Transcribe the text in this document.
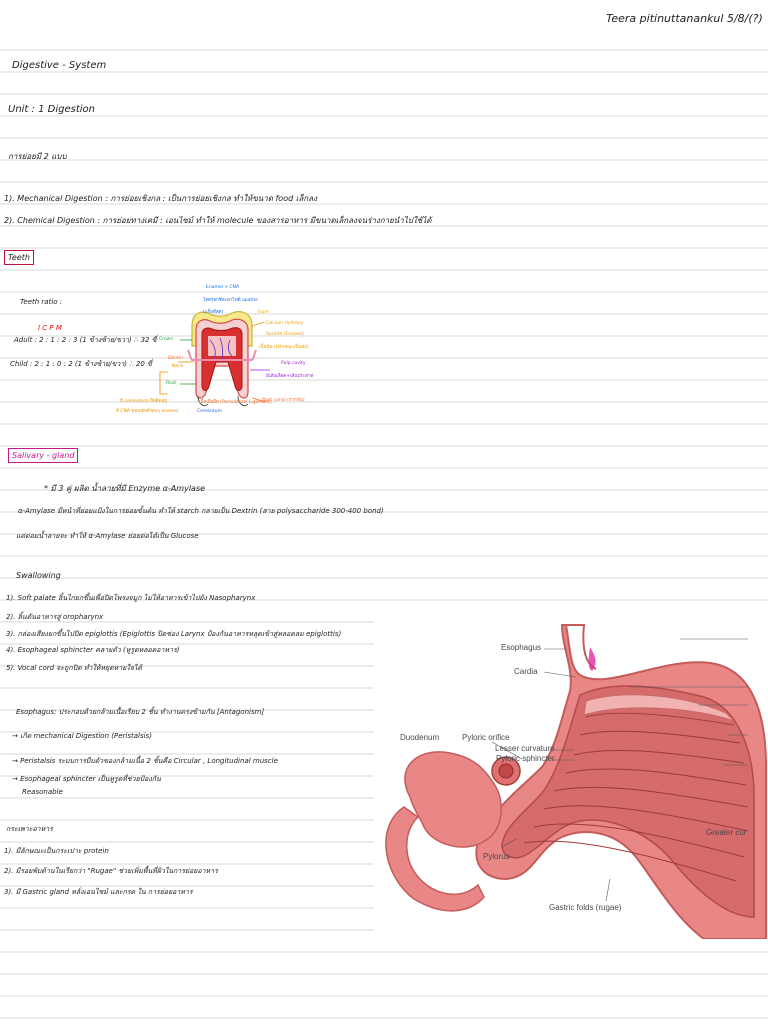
Teera pitinuttanankul 5/8/(?)
Digestive - System
Unit : 1 Digestion
การย่อยมี 2 แบบ
1). Mechanical Digestion : การย่อยเชิงกล : เป็นการย่อยเชิงกล ทำให้ขนาด food เล็กลง
2). Chemical Digestion : การย่อยทางเคมี : เอนไซม์ ทำให้ molecule ของสารอาหาร มีขนาดเล็กลงจนร่างกายนำไปใช้ได้
Teeth
Teeth ratio :
I C P M
Adult : 2 : 1 : 2 : 3 (1 ข้างซ้าย/ขวา) ∴ 32 ซี่
Child : 2 : 1 : 0 : 2 (1 ข้างซ้าย/ขวา) ∴ 20 ซี่
Enamel + CNA
ไฮดรอกซีอะพาไทต์ apatite
(แข็งที่สุด)
Crown
Dentin
Neck
Root
มี cementum ยึดติดอยู่
มี CNA ของเซลล์รอบๆ enamel	Cementum
เนื้อเยื่อยึด (Periodontal Ligament)
Gum
Calcium Hydroxy
Apatite (Enamel)
เนื้อฟัน (มีลักษณะเป็นท่อ)
Pulp cavity
มีเส้นเลือด+เส้นประสาท
Root canal (รากฟัน)
Salivary - gland
* มี 3 คู่ ผลิต น้ำลายที่มี Enzyme α-Amylase
α-Amylase มีหน้าที่ย่อยแป้งในการย่อยขั้นต้น ทำให้ starch กลายเป็น Dextrin (สาย polysaccharide 300-400 bond)
แต่ต่อมน้ำลายจะ ทำให้ α-Amylase ย่อยต่อได้เป็น Glucose
Swallowing
1). Soft palate ลิ้นไก่ยกขึ้นเพื่อปิดโพรงจมูก ไม่ให้อาหารเข้าไปยัง Nasopharynx
2). ลิ้นดันอาหารสู่ oropharynx
3). กล่องเสียงยกขึ้นไปปิด epiglottis (Epiglottis ปิดช่อง Larynx ป้องกันอาหารหลุดเข้าสู่หลอดลม epiglottis)
4). Esophageal sphincter คลายตัว (หูรูดหลอดอาหาร)
5). Vocal cord จะถูกปิด ทำให้หยุดหายใจได้
Esophagus: ประกอบด้วยกล้ามเนื้อเรียบ 2 ชั้น ทำงานตรงข้ามกัน [Antagonism]
→ เกิด mechanical Digestion (Peristalsis)
→ Peristalsis ระบบการบีบตัวของกล้ามเนื้อ 2 ชั้นคือ Circular , Longitudinal muscle
→ Esophageal sphincter เป็นหูรูดที่ช่วยป้องกัน
Reasonable
กระเพาะอาหาร
1). มีลักษณะเป็นกระเปาะ protein
2). มีรอยพับด้านในเรียกว่า "Rugae" ช่วยเพิ่มพื้นที่ผิวในการย่อยอาหาร
3). มี Gastric gland หลั่งเอนไซม์ และกรด ใน การย่อยอาหาร
Esophagus
Cardia
Duodenum	Pyloric orifice
Lesser curvature
Pyloric sphincter
Pylorus
Gastric folds (rugae)
Greater cur
